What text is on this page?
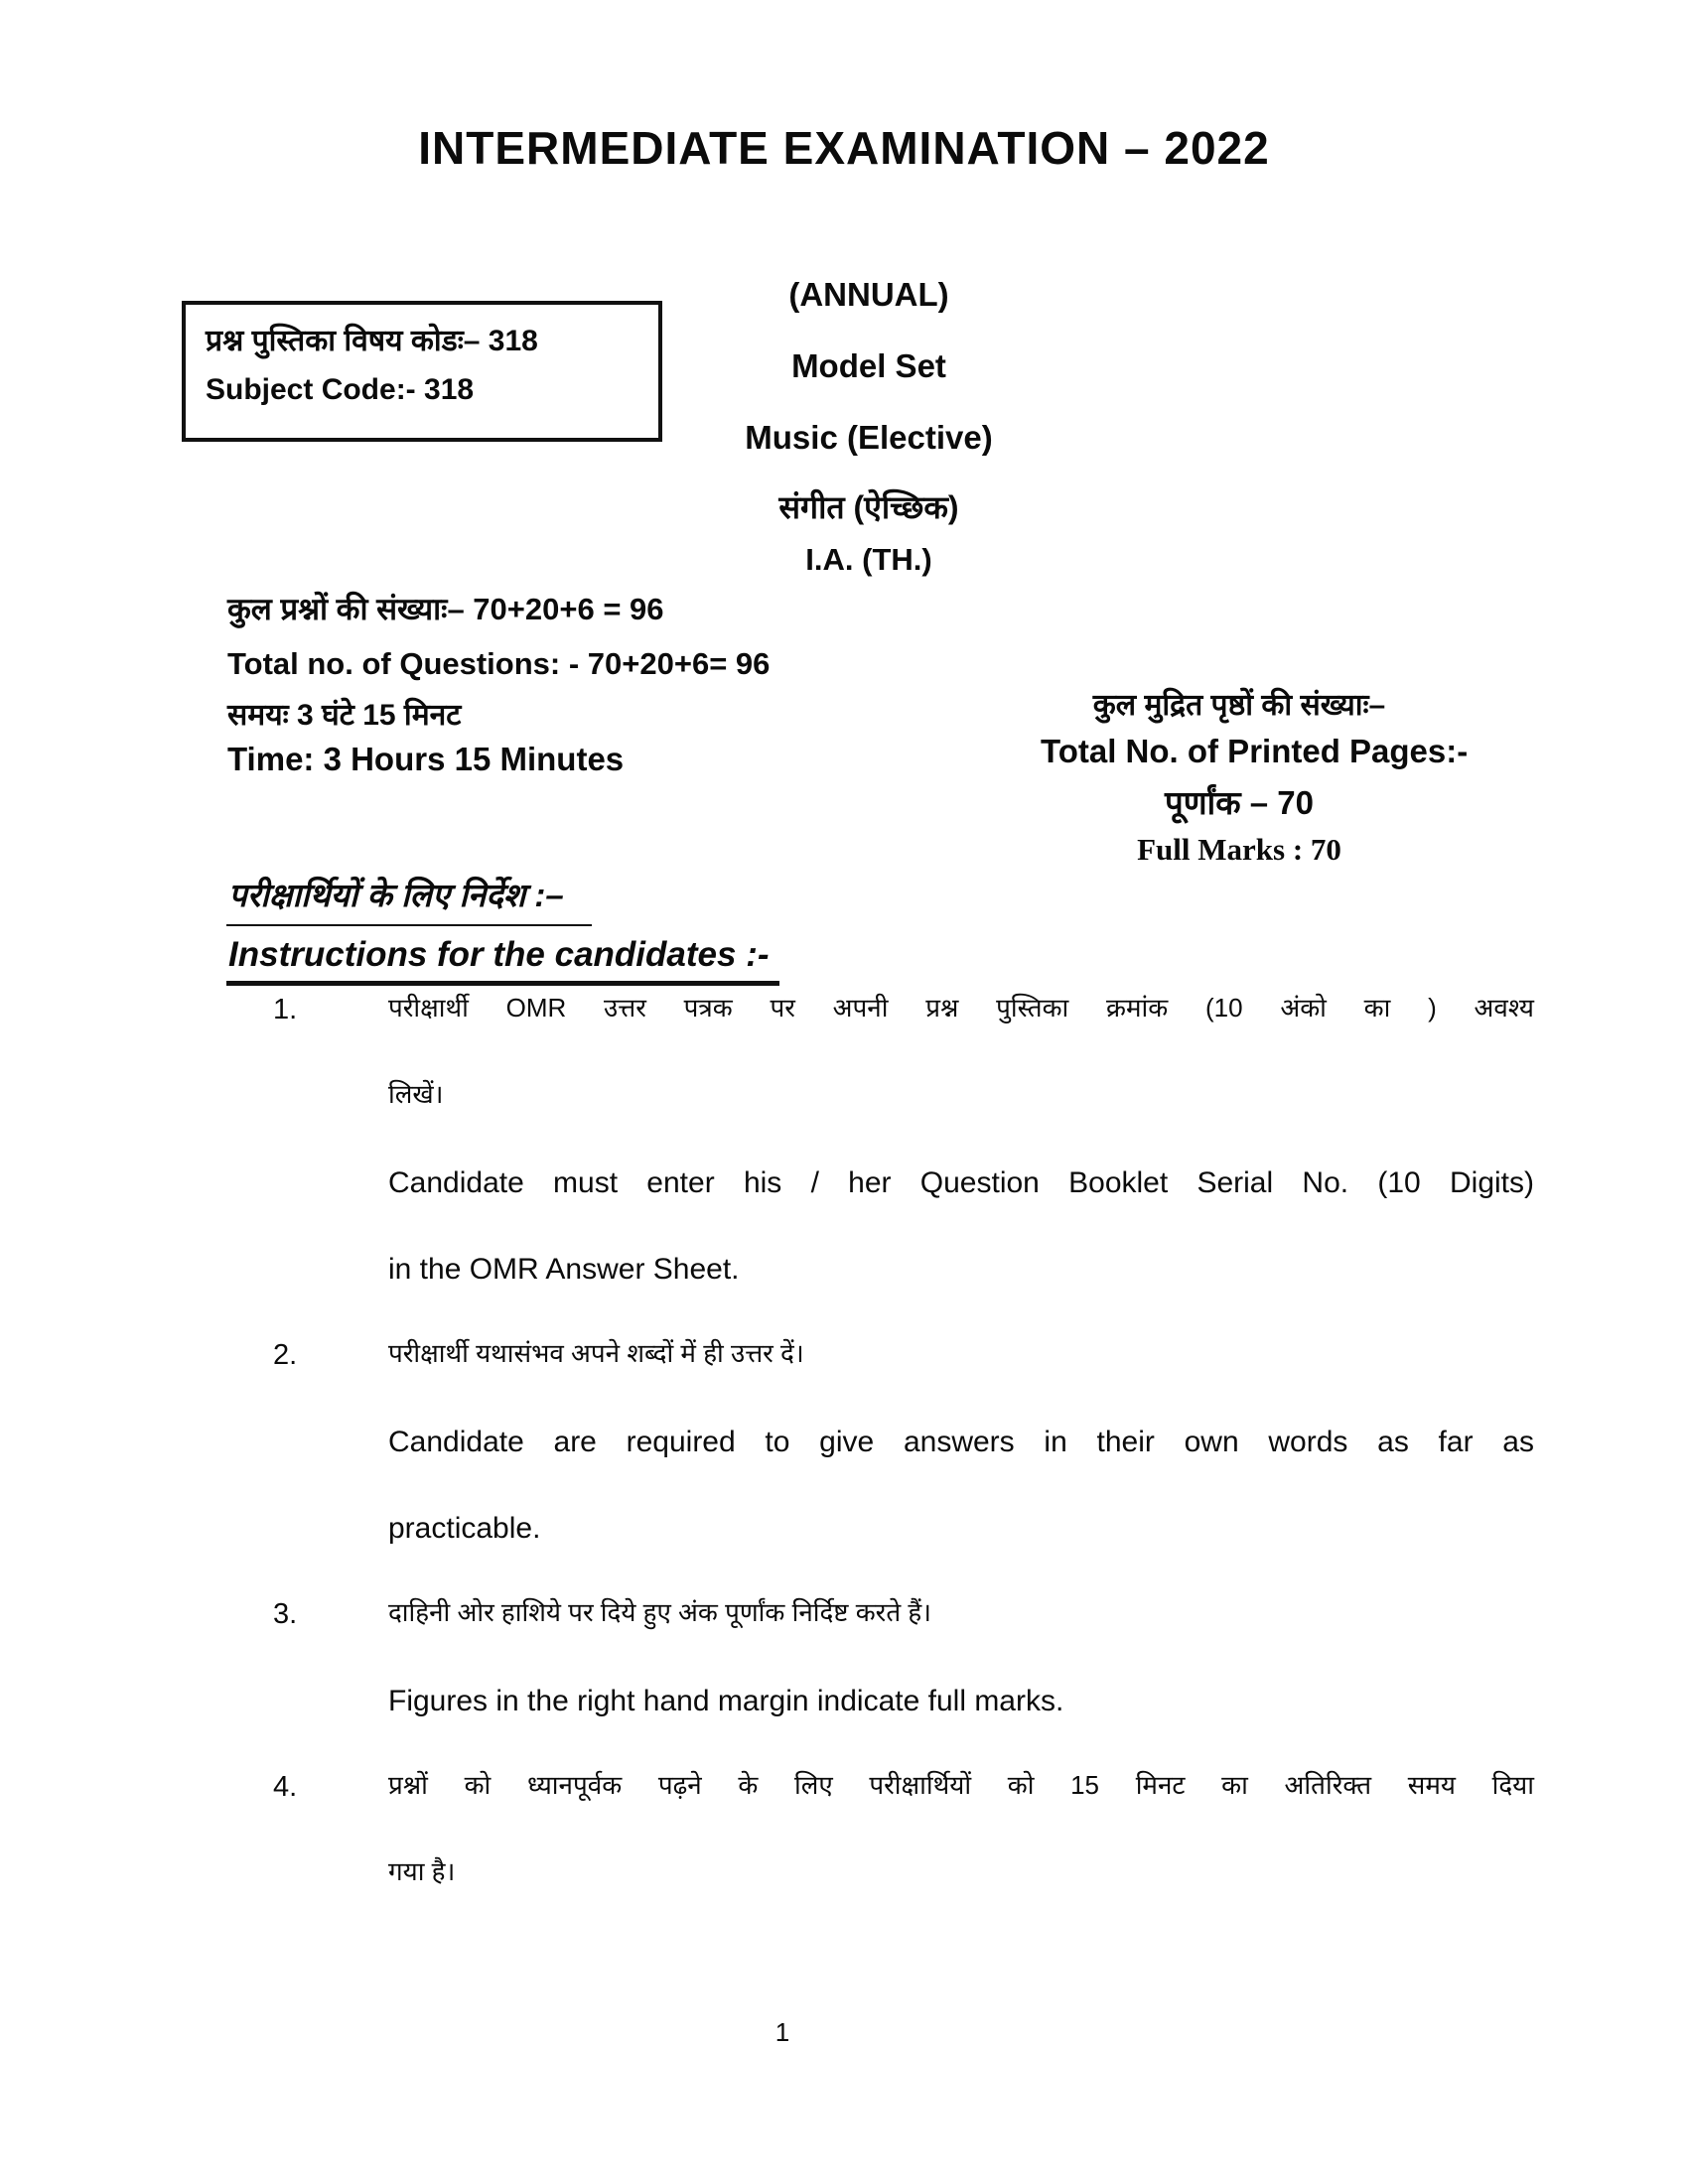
INTERMEDIATE EXAMINATION – 2022
प्रश्न पुस्तिका विषय कोडः– 318
Subject Code:- 318
(ANNUAL)
Model Set
Music (Elective)
संगीत (ऐच्छिक)
I.A. (TH.)
कुल प्रश्नों की संख्याः– 70+20+6 = 96
Total no. of Questions: - 70+20+6= 96
समयः 3 घंटे 15 मिनट
Time: 3 Hours 15 Minutes
कुल मुद्रित पृष्ठों की संख्याः–
Total No. of Printed Pages:-
पूर्णांक – 70
Full Marks : 70
परीक्षार्थियों के लिए निर्देश :–
Instructions for the candidates :-
1.	परीक्षार्थी OMR उत्तर पत्रक पर अपनी प्रश्न पुस्तिका क्रमांक (10 अंको का ) अवश्य
लिखें।
Candidate must enter his / her Question Booklet Serial No. (10 Digits)
in the OMR Answer Sheet.
2.	परीक्षार्थी यथासंभव अपने शब्दों में ही उत्तर दें।
Candidate are required to give answers in their own words as far as
practicable.
3.	दाहिनी ओर हाशिये पर दिये हुए अंक पूर्णांक निर्दिष्ट करते हैं।
Figures in the right hand margin indicate full marks.
4.	प्रश्नों को ध्यानपूर्वक पढ़ने के लिए परीक्षार्थियों को 15 मिनट का अतिरिक्त समय दिया
गया है।
1
